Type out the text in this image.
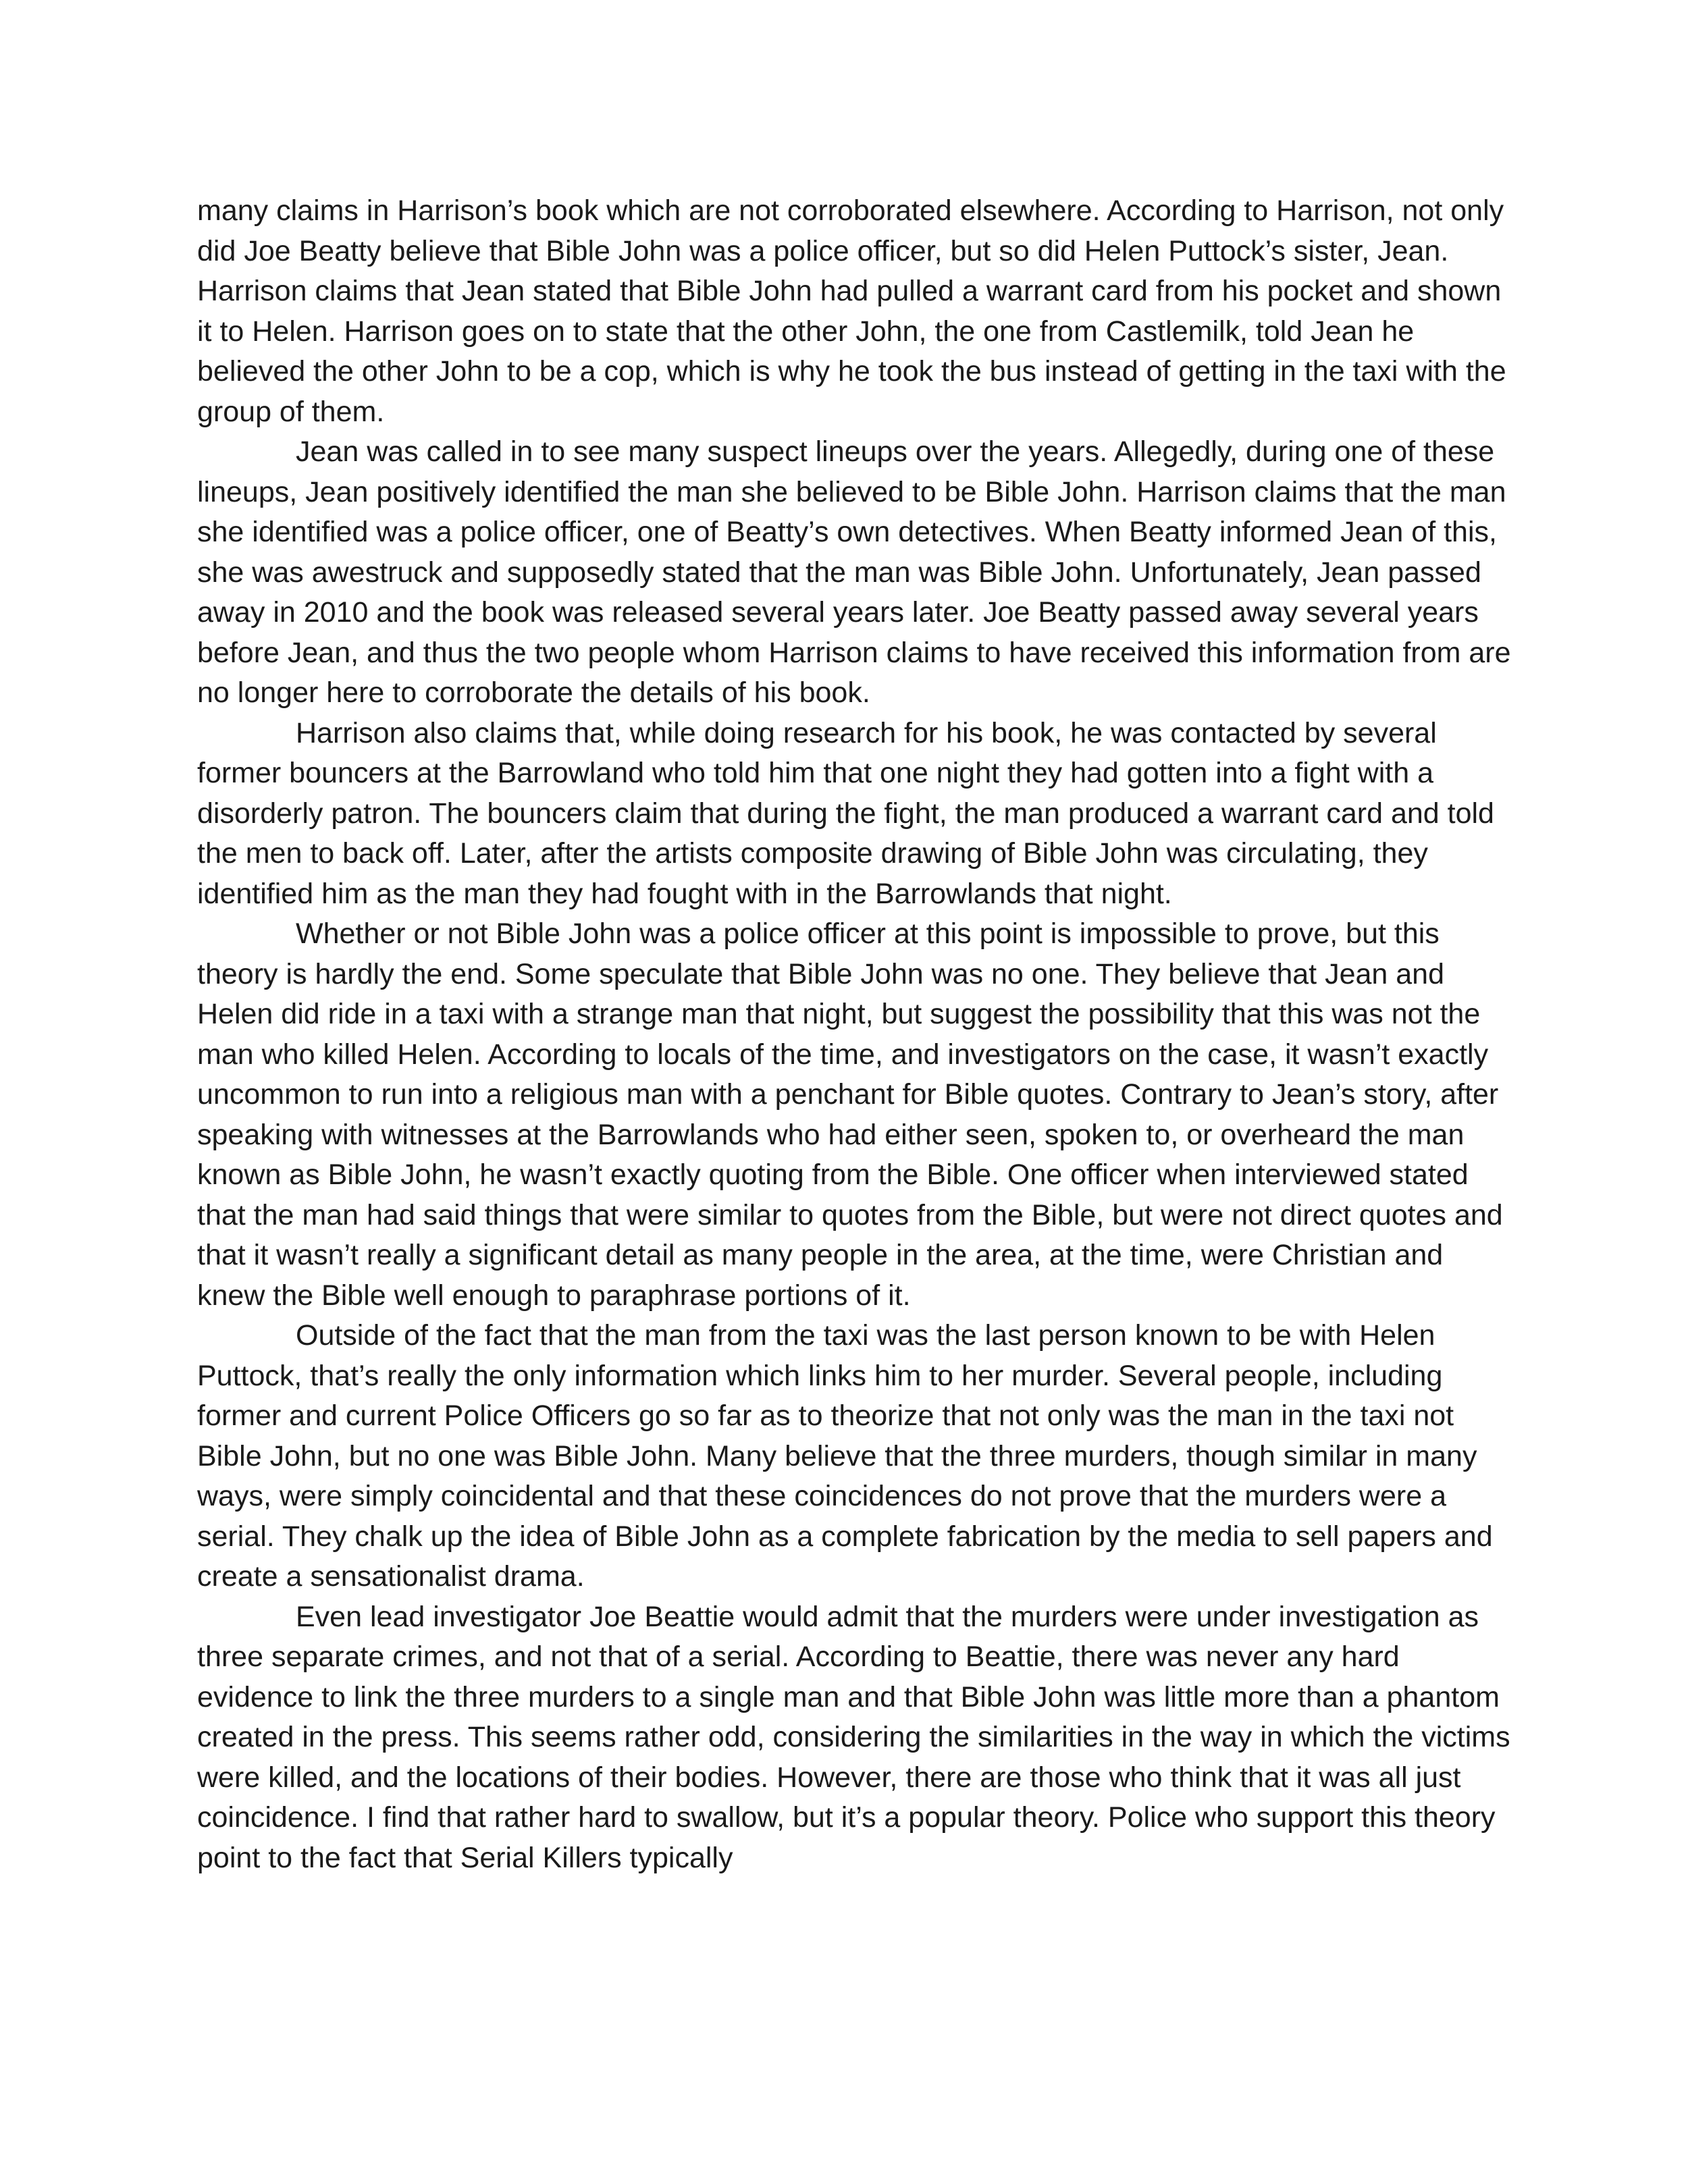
many claims in Harrison’s book which are not corroborated elsewhere. According to Harrison, not only did Joe Beatty believe that Bible John was a police officer, but so did Helen Puttock’s sister, Jean. Harrison claims that Jean stated that Bible John had pulled a warrant card from his pocket and shown it to Helen. Harrison goes on to state that the other John, the one from Castlemilk, told Jean he believed the other John to be a cop, which is why he took the bus instead of getting in the taxi with the group of them.

Jean was called in to see many suspect lineups over the years. Allegedly, during one of these lineups, Jean positively identified the man she believed to be Bible John. Harrison claims that the man she identified was a police officer, one of Beatty’s own detectives. When Beatty informed Jean of this, she was awestruck and supposedly stated that the man was Bible John. Unfortunately, Jean passed away in 2010 and the book was released several years later. Joe Beatty passed away several years before Jean, and thus the two people whom Harrison claims to have received this information from are no longer here to corroborate the details of his book.

Harrison also claims that, while doing research for his book, he was contacted by several former bouncers at the Barrowland who told him that one night they had gotten into a fight with a disorderly patron. The bouncers claim that during the fight, the man produced a warrant card and told the men to back off. Later, after the artists composite drawing of Bible John was circulating, they identified him as the man they had fought with in the Barrowlands that night.

Whether or not Bible John was a police officer at this point is impossible to prove, but this theory is hardly the end. Some speculate that Bible John was no one. They believe that Jean and Helen did ride in a taxi with a strange man that night, but suggest the possibility that this was not the man who killed Helen. According to locals of the time, and investigators on the case, it wasn’t exactly uncommon to run into a religious man with a penchant for Bible quotes. Contrary to Jean’s story, after speaking with witnesses at the Barrowlands who had either seen, spoken to, or overheard the man known as Bible John, he wasn’t exactly quoting from the Bible. One officer when interviewed stated that the man had said things that were similar to quotes from the Bible, but were not direct quotes and that it wasn’t really a significant detail as many people in the area, at the time, were Christian and knew the Bible well enough to paraphrase portions of it.

Outside of the fact that the man from the taxi was the last person known to be with Helen Puttock, that’s really the only information which links him to her murder. Several people, including former and current Police Officers go so far as to theorize that not only was the man in the taxi not Bible John, but no one was Bible John. Many believe that the three murders, though similar in many ways, were simply coincidental and that these coincidences do not prove that the murders were a serial. They chalk up the idea of Bible John as a complete fabrication by the media to sell papers and create a sensationalist drama.

Even lead investigator Joe Beattie would admit that the murders were under investigation as three separate crimes, and not that of a serial. According to Beattie, there was never any hard evidence to link the three murders to a single man and that Bible John was little more than a phantom created in the press. This seems rather odd, considering the similarities in the way in which the victims were killed, and the locations of their bodies. However, there are those who think that it was all just coincidence. I find that rather hard to swallow, but it’s a popular theory. Police who support this theory point to the fact that Serial Killers typically
